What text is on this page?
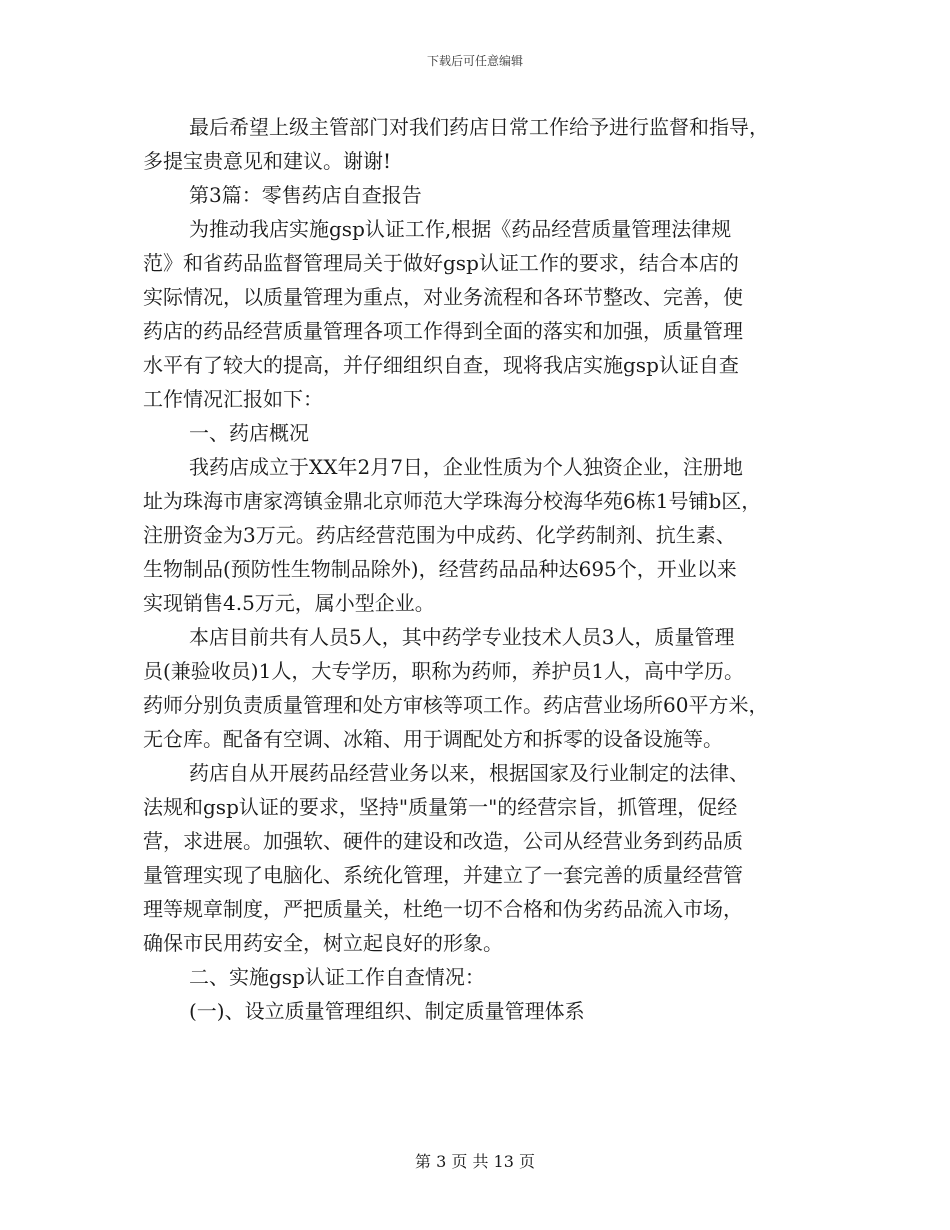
下载后可任意编辑
最后希望上级主管部门对我们药店日常工作给予进行监督和指导，
多提宝贵意见和建议。谢谢!
第3篇：零售药店自查报告
为推动我店实施gsp认证工作,根据《药品经营质量管理法律规
范》和省药品监督管理局关于做好gsp认证工作的要求，结合本店的
实际情况，以质量管理为重点，对业务流程和各环节整改、完善，使
药店的药品经营质量管理各项工作得到全面的落实和加强，质量管理
水平有了较大的提高，并仔细组织自查，现将我店实施gsp认证自查
工作情况汇报如下：
一、药店概况
我药店成立于XX年2月7日，企业性质为个人独资企业，注册地
址为珠海市唐家湾镇金鼎北京师范大学珠海分校海华苑6栋1号铺b区，
注册资金为3万元。药店经营范围为中成药、化学药制剂、抗生素、
生物制品(预防性生物制品除外)，经营药品品种达695个，开业以来
实现销售4.5万元，属小型企业。
本店目前共有人员5人，其中药学专业技术人员3人，质量管理
员(兼验收员)1人，大专学历，职称为药师，养护员1人，高中学历。
药师分别负责质量管理和处方审核等项工作。药店营业场所60平方米，
无仓库。配备有空调、冰箱、用于调配处方和拆零的设备设施等。
药店自从开展药品经营业务以来，根据国家及行业制定的法律、
法规和gsp认证的要求，坚持"质量第一"的经营宗旨，抓管理，促经
营，求进展。加强软、硬件的建设和改造，公司从经营业务到药品质
量管理实现了电脑化、系统化管理，并建立了一套完善的质量经营管
理等规章制度，严把质量关，杜绝一切不合格和伪劣药品流入市场，
确保市民用药安全，树立起良好的形象。
二、实施gsp认证工作自查情况：
(一)、设立质量管理组织、制定质量管理体系
第 3 页 共 13 页
